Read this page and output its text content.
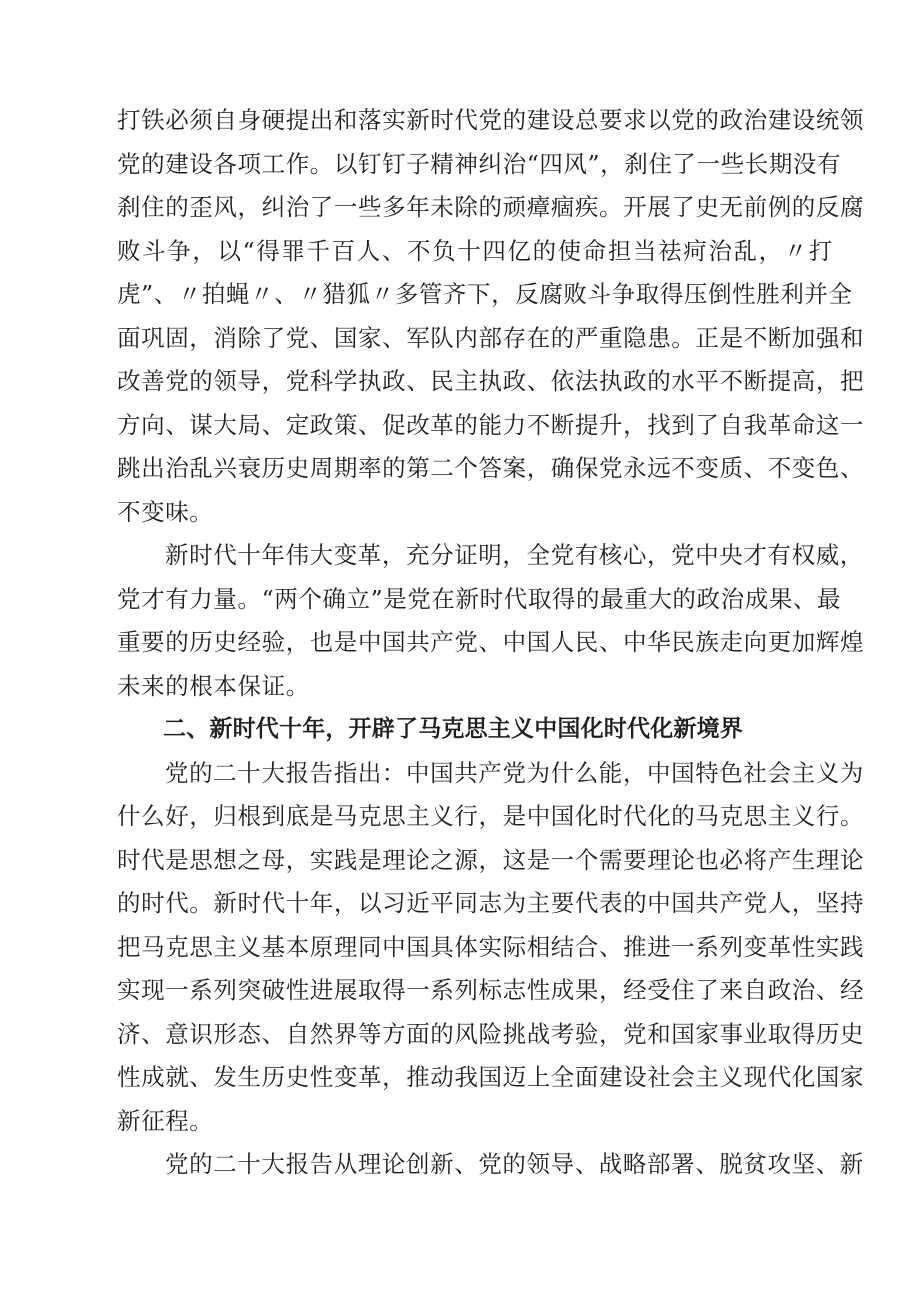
打铁必须自身硬提出和落实新时代党的建设总要求以党的政治建设统领
党的建设各项工作。以钉钉子精神纠治“四风”，刹住了一些长期没有
刹住的歪风，纠治了一些多年未除的顽瘴痼疾。开展了史无前例的反腐
败斗争，以“得罪千百人、不负十四亿的使命担当祛疴治乱，〃打
虎”、〃拍蝇〃、〃猎狐〃多管齐下，反腐败斗争取得压倒性胜利并全
面巩固，消除了党、国家、军队内部存在的严重隐患。正是不断加强和
改善党的领导，党科学执政、民主执政、依法执政的水平不断提高，把
方向、谋大局、定政策、促改革的能力不断提升，找到了自我革命这一
跳出治乱兴衰历史周期率的第二个答案，确保党永远不变质、不变色、
不变味。
新时代十年伟大变革，充分证明，全党有核心，党中央才有权威，
党才有力量。“两个确立”是党在新时代取得的最重大的政治成果、最
重要的历史经验，也是中国共产党、中国人民、中华民族走向更加辉煌
未来的根本保证。
二、新时代十年，开辟了马克思主义中国化时代化新境界
党的二十大报告指出：中国共产党为什么能，中国特色社会主义为
什么好，归根到底是马克思主义行，是中国化时代化的马克思主义行。
时代是思想之母，实践是理论之源，这是一个需要理论也必将产生理论
的时代。新时代十年，以习近平同志为主要代表的中国共产党人，坚持
把马克思主义基本原理同中国具体实际相结合、推进一系列变革性实践
实现一系列突破性进展取得一系列标志性成果，经受住了来自政治、经
济、意识形态、自然界等方面的风险挑战考验，党和国家事业取得历史
性成就、发生历史性变革，推动我国迈上全面建设社会主义现代化国家
新征程。
党的二十大报告从理论创新、党的领导、战略部署、脱贫攻坚、新
